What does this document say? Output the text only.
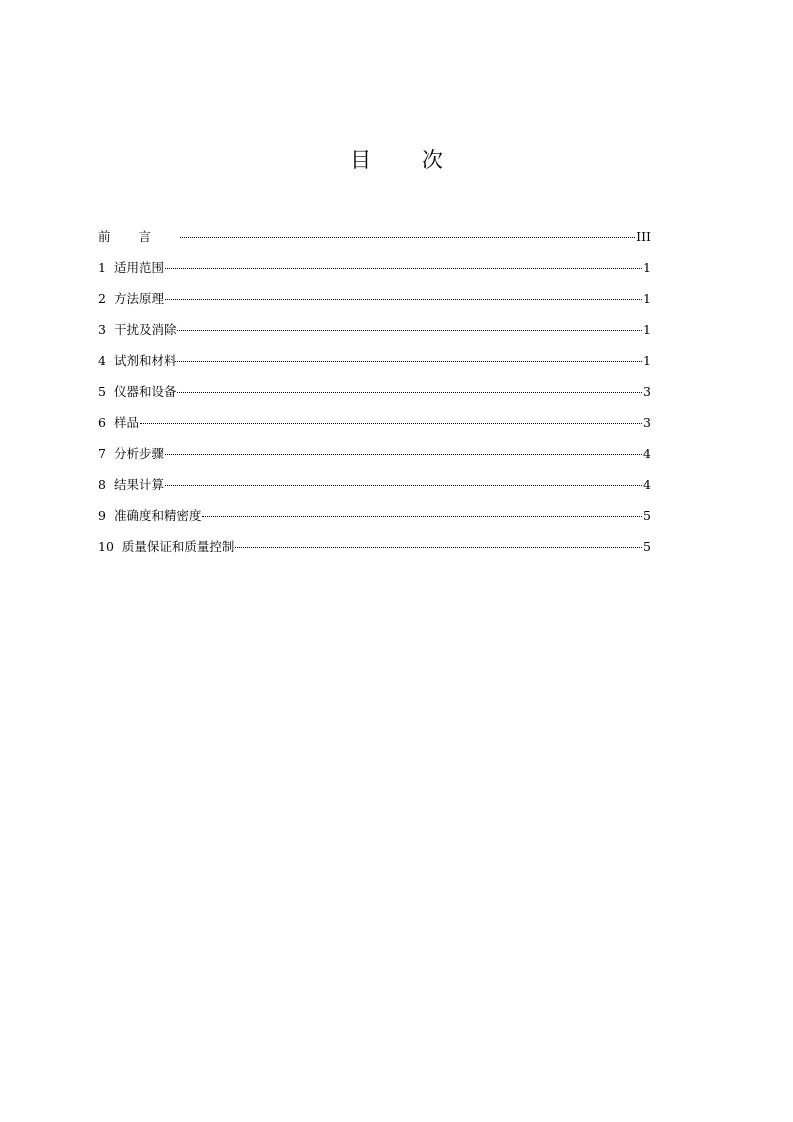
目 次
前言	III
1 适用范围	1
2 方法原理	1
3 干扰及消除	1
4 试剂和材料	1
5 仪器和设备	3
6 样品	3
7 分析步骤	4
8 结果计算	4
9 准确度和精密度	5
10 质量保证和质量控制	5
